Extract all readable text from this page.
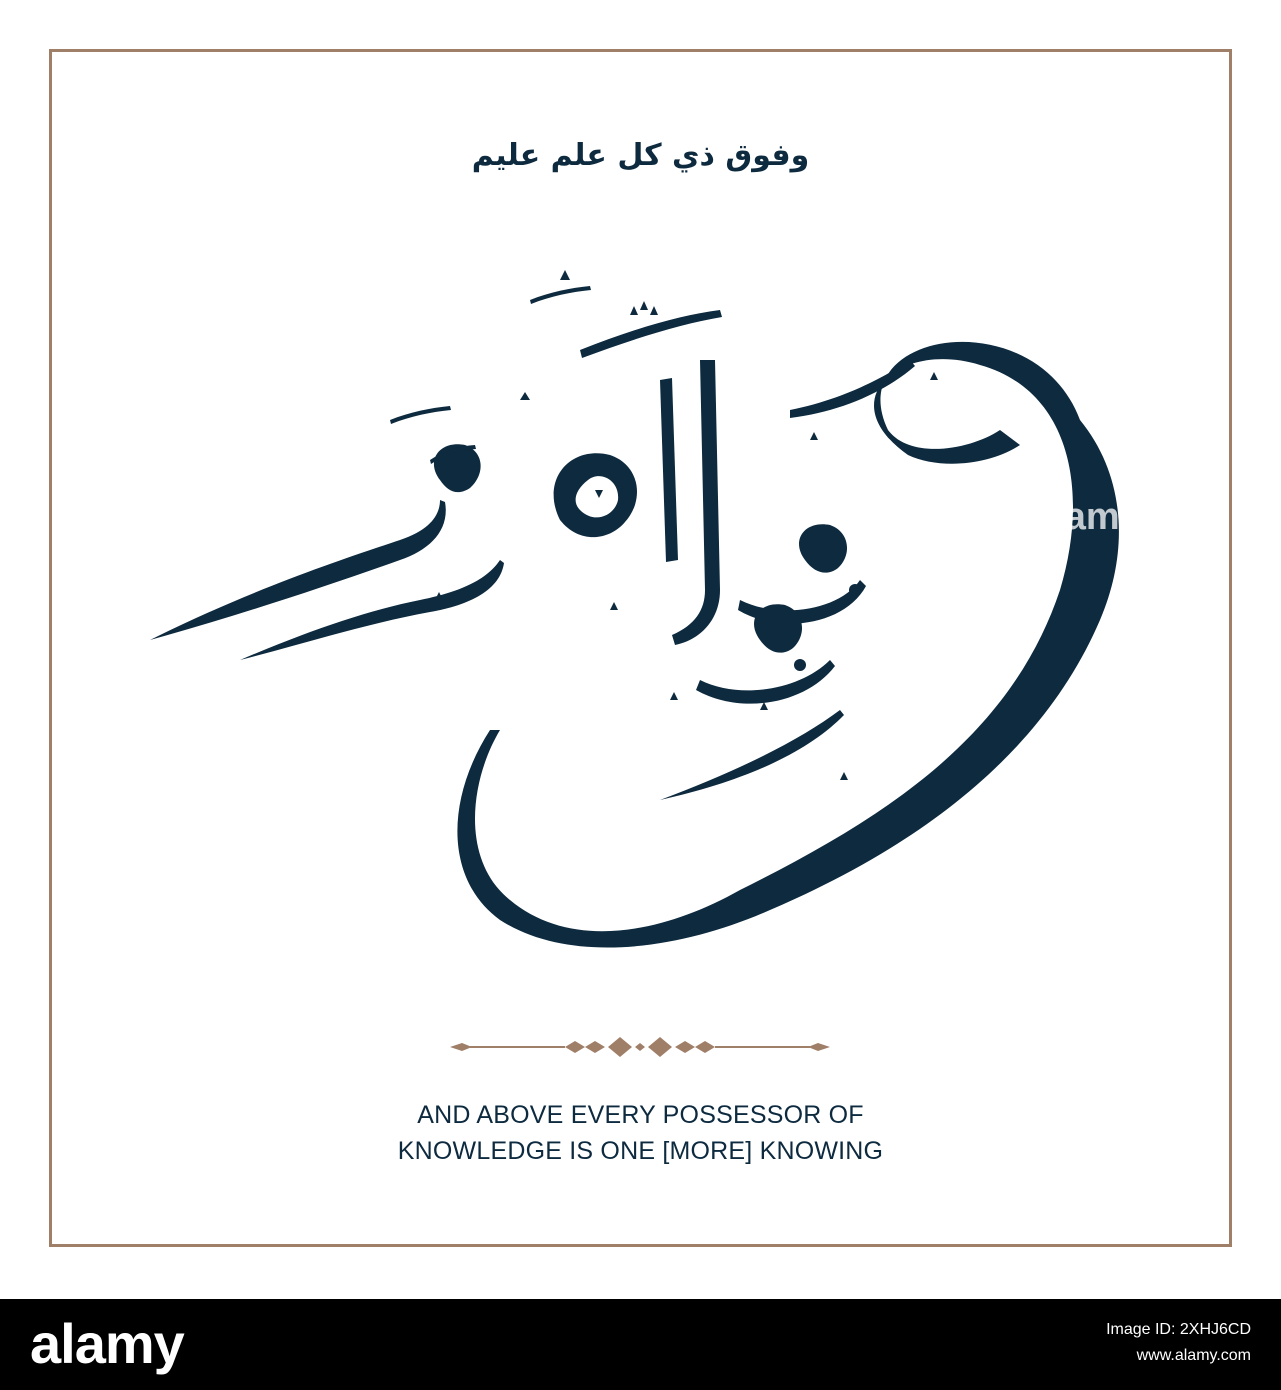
وفوق ذي كل علم عليم
AND ABOVE EVERY POSSESSOR OF
KNOWLEDGE IS ONE [MORE] KNOWING
alamy
alamy	Image ID: 2XHJ6CD
www.alamy.com
